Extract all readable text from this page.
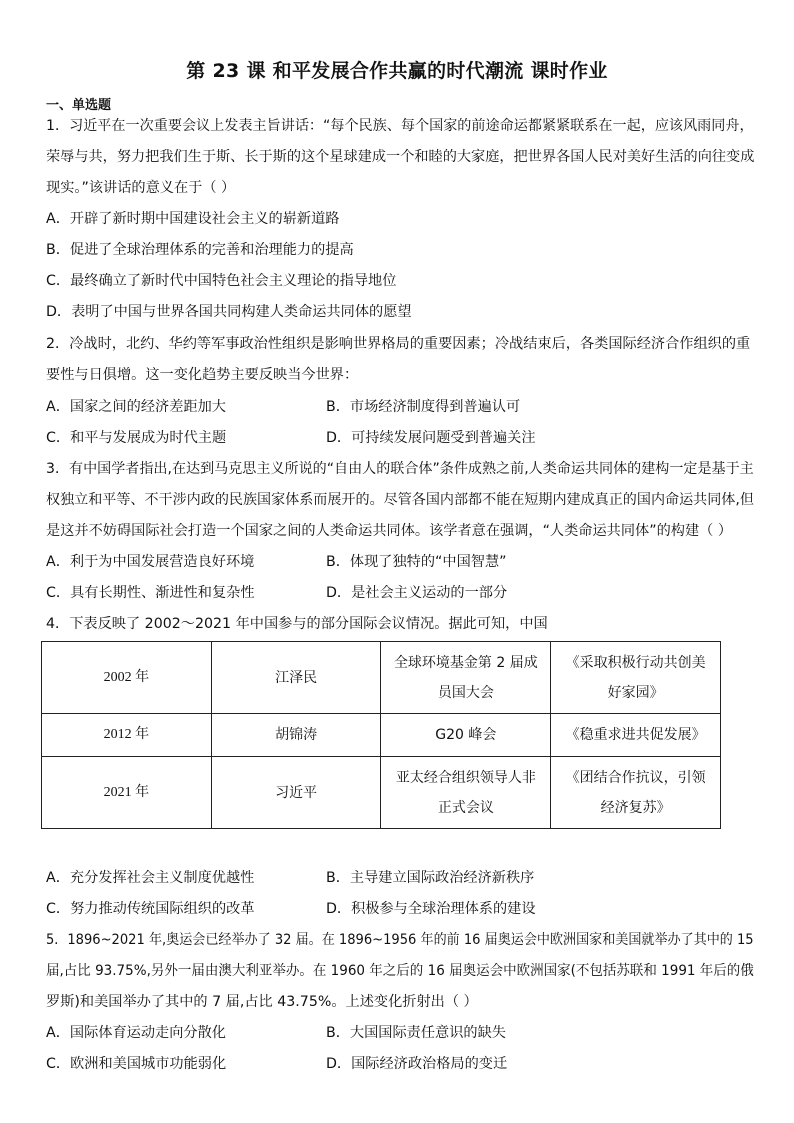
第 23 课 和平发展合作共赢的时代潮流 课时作业
一、单选题
1．习近平在一次重要会议上发表主旨讲话：“每个民族、每个国家的前途命运都紧紧联系在一起，应该风雨同舟，
荣辱与共，努力把我们生于斯、长于斯的这个星球建成一个和睦的大家庭，把世界各国人民对美好生活的向往变成
现实。”该讲话的意义在于（ ）
A．开辟了新时期中国建设社会主义的崭新道路
B．促进了全球治理体系的完善和治理能力的提高
C．最终确立了新时代中国特色社会主义理论的指导地位
D．表明了中国与世界各国共同构建人类命运共同体的愿望
2．冷战时，北约、华约等军事政治性组织是影响世界格局的重要因素；冷战结束后，各类国际经济合作组织的重
要性与日俱增。这一变化趋势主要反映当今世界：
A．国家之间的经济差距加大	B．市场经济制度得到普遍认可
C．和平与发展成为时代主题	D．可持续发展问题受到普遍关注
3．有中国学者指出,在达到马克思主义所说的“自由人的联合体”条件成熟之前,人类命运共同体的建构一定是基于主
权独立和平等、不干涉内政的民族国家体系而展开的。尽管各国内部都不能在短期内建成真正的国内命运共同体,但
是这并不妨碍国际社会打造一个国家之间的人类命运共同体。该学者意在强调，“人类命运共同体”的构建（ ）
A．利于为中国发展营造良好环境	B．体现了独特的“中国智慧”
C．具有长期性、渐进性和复杂性	D．是社会主义运动的一部分
4．下表反映了 2002～2021 年中国参与的部分国际会议情况。据此可知，中国
2002 年	江泽民	全球环境基金第 2 届成员国大会	《采取积极行动共创美好家园》
2012 年	胡锦涛	G20 峰会	《稳重求进共促发展》
2021 年	习近平	亚太经合组织领导人非正式会议	《团结合作抗议，引领经济复苏》
A．充分发挥社会主义制度优越性	B．主导建立国际政治经济新秩序
C．努力推动传统国际组织的改革	D．积极参与全球治理体系的建设
5．1896~2021 年,奥运会已经举办了 32 届。在 1896~1956 年的前 16 届奥运会中欧洲国家和美国就举办了其中的 15
届,占比 93.75%,另外一届由澳大利亚举办。在 1960 年之后的 16 届奥运会中欧洲国家(不包括苏联和 1991 年后的俄
罗斯)和美国举办了其中的 7 届,占比 43.75%。上述变化折射出（ ）
A．国际体育运动走向分散化	B．大国国际责任意识的缺失
C．欧洲和美国城市功能弱化	D．国际经济政治格局的变迁
